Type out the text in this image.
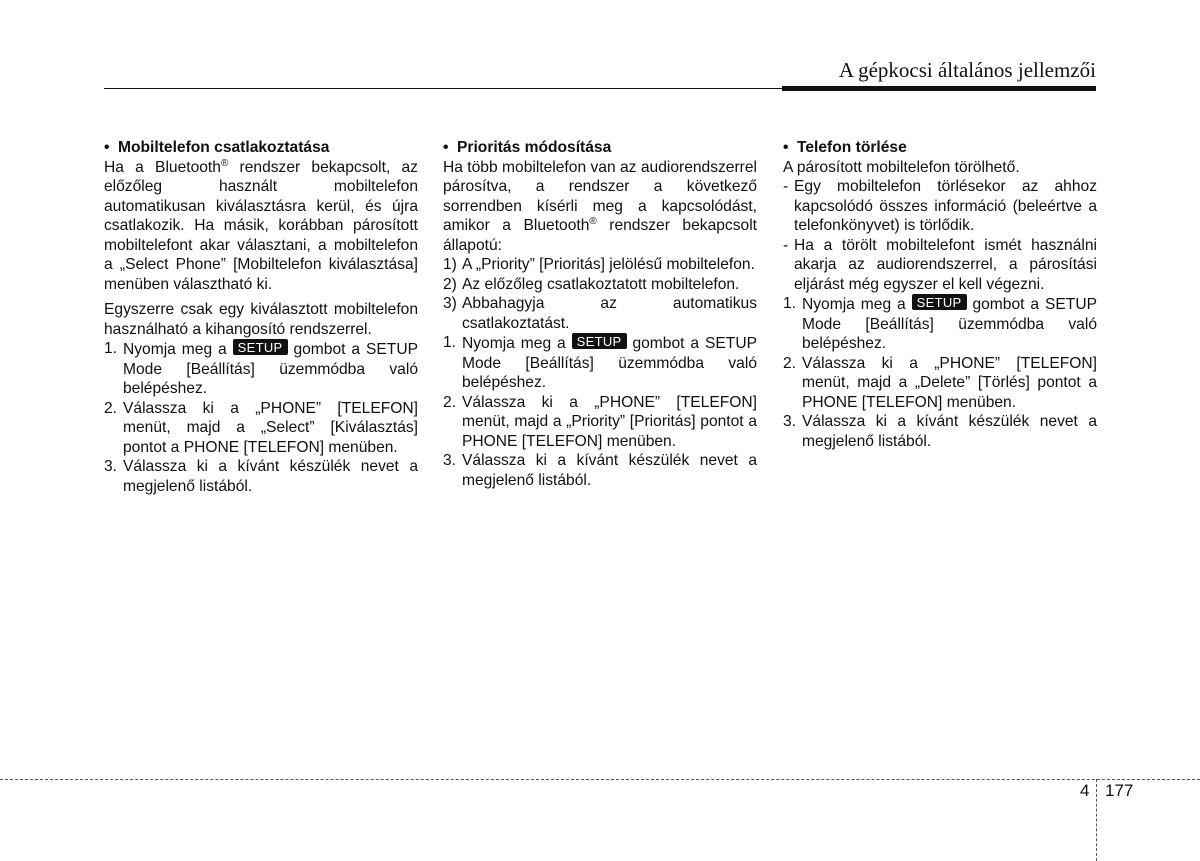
A gépkocsi általános jellemzői
• Mobiltelefon csatlakoztatása

Ha a Bluetooth® rendszer bekapcsolt, az előzőleg használt mobiltelefon automatikusan kiválasztásra kerül, és újra csatlakozik. Ha másik, korábban párosított mobiltelefont akar választani, a mobiltelefon a „Select Phone” [Mobiltelefon kiválasztása] menüben választható ki.

Egyszerre csak egy kiválasztott mobiltelefon használható a kihangosító rendszerrel.

1. Nyomja meg a SETUP gombot a SETUP Mode [Beállítás] üzemmódba való belépéshez.
2. Válassza ki a „PHONE” [TELEFON] menüt, majd a „Select” [Kiválasztás] pontot a PHONE [TELEFON] menüben.
3. Válassza ki a kívánt készülék nevet a megjelenő listából.
• Prioritás módosítása

Ha több mobiltelefon van az audiorendszerrel párosítva, a rendszer a következő sorrendben kísérli meg a kapcsolódást, amikor a Bluetooth® rendszer bekapcsolt állapotú:

1) A „Priority” [Prioritás] jelölésű mobiltelefon.
2) Az előzőleg csatlakoztatott mobiltelefon.
3) Abbahagyja az automatikus csatlakoztatást.
1. Nyomja meg a SETUP gombot a SETUP Mode [Beállítás] üzemmódba való belépéshez.
2. Válassza ki a „PHONE” [TELEFON] menüt, majd a „Priority” [Prioritás] pontot a PHONE [TELEFON] menüben.
3. Válassza ki a kívánt készülék nevet a megjelenő listából.
• Telefon törlése

A párosított mobiltelefon törölhető.

- Egy mobiltelefon törlésekor az ahhoz kapcsolódó összes információ (beleértve a telefonkönyvet) is törlődik.
- Ha a törölt mobiltelefont ismét használni akarja az audiorendszerrel, a párosítási eljárást még egyszer el kell végezni.
1. Nyomja meg a SETUP gombot a SETUP Mode [Beállítás] üzemmódba való belépéshez.
2. Válassza ki a „PHONE” [TELEFON] menüt, majd a „Delete” [Törlés] pontot a PHONE [TELEFON] menüben.
3. Válassza ki a kívánt készülék nevet a megjelenő listából.
4 177
